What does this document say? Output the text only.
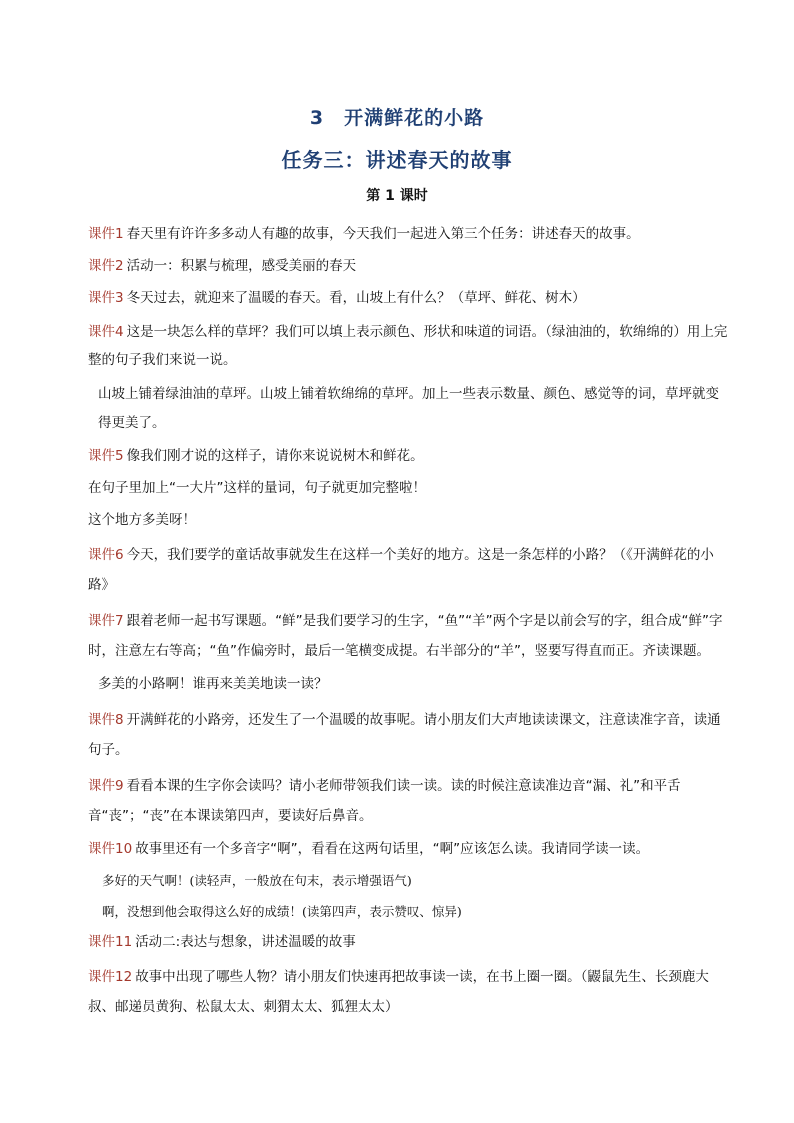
3　开满鲜花的小路
任务三：讲述春天的故事
第 1 课时

课件1 春天里有许许多多动人有趣的故事，今天我们一起进入第三个任务：讲述春天的故事。

课件2 活动一：积累与梳理，感受美丽的春天

课件3 冬天过去，就迎来了温暖的春天。看，山坡上有什么？（草坪、鲜花、树木）

课件4 这是一块怎么样的草坪？我们可以填上表示颜色、形状和味道的词语。（绿油油的，软绵绵的）用上完整的句子我们来说一说。

山坡上铺着绿油油的草坪。山坡上铺着软绵绵的草坪。加上一些表示数量、颜色、感觉等的词，草坪就变得更美了。

课件5 像我们刚才说的这样子，请你来说说树木和鲜花。

在句子里加上“一大片”这样的量词，句子就更加完整啦！

这个地方多美呀！

课件6 今天，我们要学的童话故事就发生在这样一个美好的地方。这是一条怎样的小路？（《开满鲜花的小路》

课件7 跟着老师一起书写课题。“鲜”是我们要学习的生字，“鱼”“羊”两个字是以前会写的字，组合成“鲜”字时，注意左右等高；“鱼”作偏旁时，最后一笔横变成提。右半部分的“羊”，竖要写得直而正。齐读课题。

多美的小路啊！谁再来美美地读一读？

课件8 开满鲜花的小路旁，还发生了一个温暖的故事呢。请小朋友们大声地读读课文，注意读准字音，读通句子。

课件9 看看本课的生字你会读吗？请小老师带领我们读一读。读的时候注意读准边音“漏、礼”和平舌音“丧”；“丧”在本课读第四声，要读好后鼻音。

课件10 故事里还有一个多音字“啊”，看看在这两句话里，“啊”应该怎么读。我请同学读一读。

多好的天气啊！(读轻声，一般放在句末，表示增强语气)

啊，没想到他会取得这么好的成绩！(读第四声，表示赞叹、惊异)

课件11 活动二:表达与想象，讲述温暖的故事

课件12 故事中出现了哪些人物？请小朋友们快速再把故事读一读，在书上圈一圈。（鼹鼠先生、长颈鹿大叔、邮递员黄狗、松鼠太太、刺猬太太、狐狸太太）
